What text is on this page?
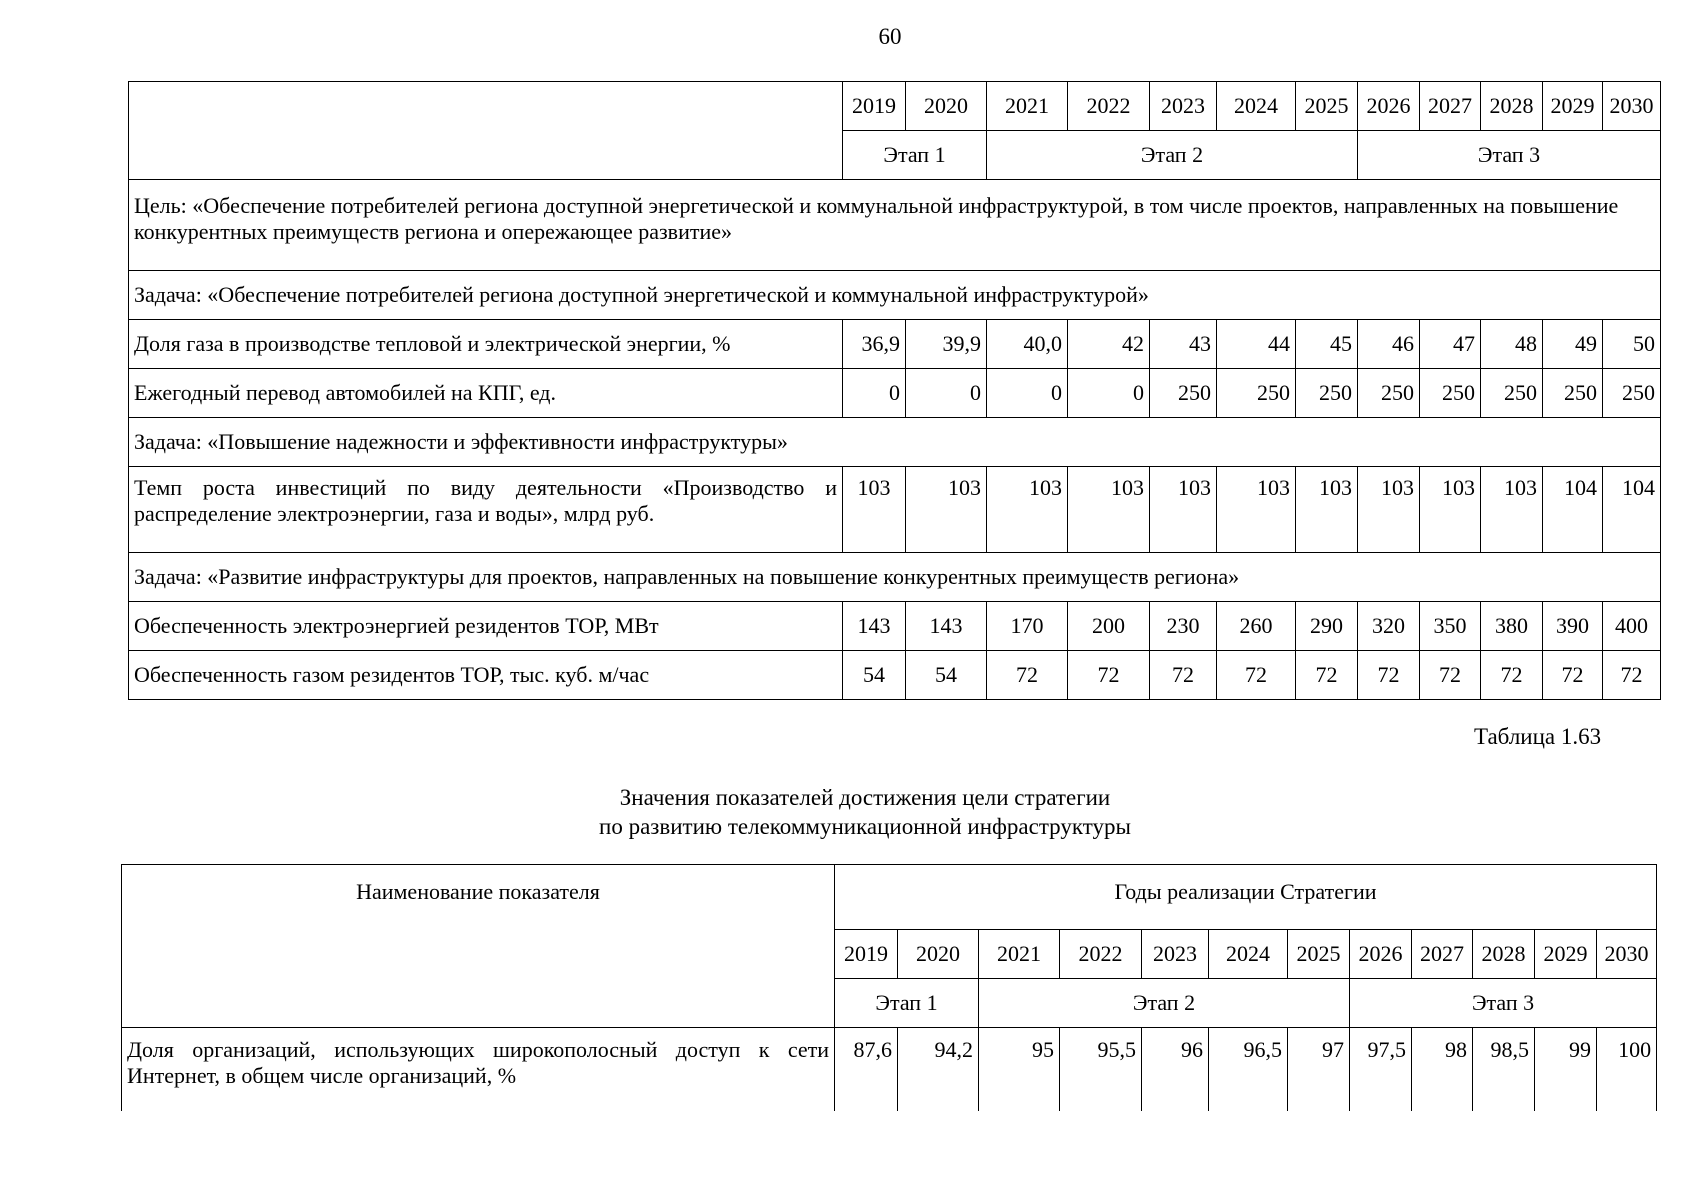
60
	2019	2020	2021	2022	2023	2024	2025	2026	2027	2028	2029	2030
	Этап 1		Этап 2					Этап 3				
Цель: «Обеспечение потребителей региона доступной энергетической и коммунальной инфраструктурой, в том числе проектов, направленных на повышение конкурентных преимуществ региона и опережающее развитие»												
Задача: «Обеспечение потребителей региона доступной энергетической и коммунальной инфраструктурой»												
Доля газа в производстве тепловой и электрической энергии, %	36,9	39,9	40,0	42	43	44	45	46	47	48	49	50
Ежегодный перевод автомобилей на КПГ, ед.	0	0	0	0	250	250	250	250	250	250	250	250
Задача: «Повышение надежности и эффективности инфраструктуры»												
Темп роста инвестиций по виду деятельности «Производство и распределение электроэнергии, газа и воды», млрд руб.	103	103	103	103	103	103	103	103	103	103	104	104
Задача: «Развитие инфраструктуры для проектов, направленных на повышение конкурентных преимуществ региона»												
Обеспеченность электроэнергией резидентов ТОР, МВт	143	143	170	200	230	260	290	320	350	380	390	400
Обеспеченность газом резидентов ТОР, тыс. куб. м/час	54	54	72	72	72	72	72	72	72	72	72	72
Таблица 1.63
Значения показателей достижения цели стратегии
по развитию телекоммуникационной инфраструктуры
Наименование показателя	Годы реализации Стратегии											
	2019	2020	2021	2022	2023	2024	2025	2026	2027	2028	2029	2030
	Этап 1		Этап 2					Этап 3				
Доля организаций, использующих широкополосный доступ к сети Интернет, в общем числе организаций, %	87,6	94,2	95	95,5	96	96,5	97	97,5	98	98,5	99	100
